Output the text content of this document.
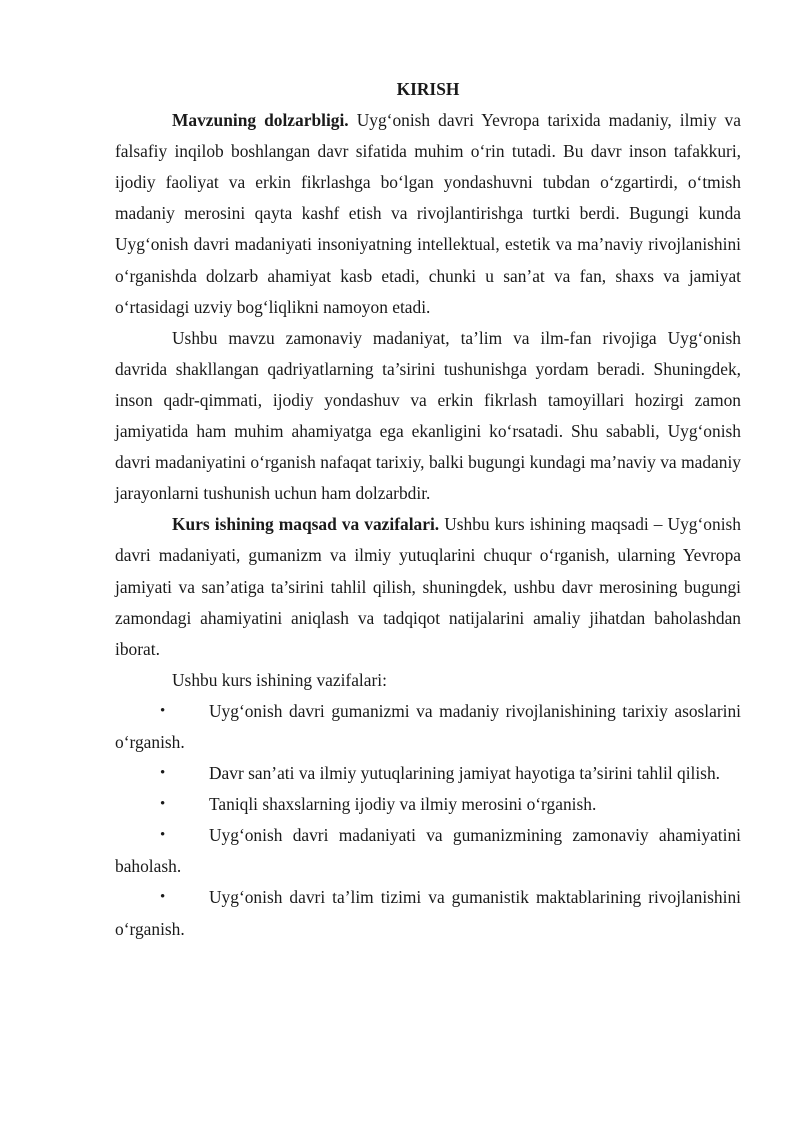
KIRISH

Mavzuning dolzarbligi. Uyg‘onish davri Yevropa tarixida madaniy, ilmiy va falsafiy inqilob boshlangan davr sifatida muhim o‘rin tutadi. Bu davr inson tafakkuri, ijodiy faoliyat va erkin fikrlashga bo‘lgan yondashuvni tubdan o‘zgartirdi, o‘tmish madaniy merosini qayta kashf etish va rivojlantirishga turtki berdi. Bugungi kunda Uyg‘onish davri madaniyati insoniyatning intellektual, estetik va ma’naviy rivojlanishini o‘rganishda dolzarb ahamiyat kasb etadi, chunki u san’at va fan, shaxs va jamiyat o‘rtasidagi uzviy bog‘liqlikni namoyon etadi.

Ushbu mavzu zamonaviy madaniyat, ta’lim va ilm-fan rivojiga Uyg‘onish davrida shakllangan qadriyatlarning ta’sirini tushunishga yordam beradi. Shuningdek, inson qadr-qimmati, ijodiy yondashuv va erkin fikrlash tamoyillari hozirgi zamon jamiyatida ham muhim ahamiyatga ega ekanligini ko‘rsatadi. Shu sababli, Uyg‘onish davri madaniyatini o‘rganish nafaqat tarixiy, balki bugungi kundagi ma’naviy va madaniy jarayonlarni tushunish uchun ham dolzarbdir.

Kurs ishining maqsad va vazifalari. Ushbu kurs ishining maqsadi – Uyg‘onish davri madaniyati, gumanizm va ilmiy yutuqlarini chuqur o‘rganish, ularning Yevropa jamiyati va san’atiga ta’sirini tahlil qilish, shuningdek, ushbu davr merosining bugungi zamondagi ahamiyatini aniqlash va tadqiqot natijalarini amaliy jihatdan baholashdan iborat.

Ushbu kurs ishining vazifalari:

•	Uyg‘onish davri gumanizmi va madaniy rivojlanishining tarixiy asoslarini o‘rganish.

•	Davr san’ati va ilmiy yutuqlarining jamiyat hayotiga ta’sirini tahlil qilish.

•	Taniqli shaxslarning ijodiy va ilmiy merosini o‘rganish.

•	Uyg‘onish davri madaniyati va gumanizmining zamonaviy ahamiyatini baholash.

•	Uyg‘onish davri ta’lim tizimi va gumanistik maktablarining rivojlanishini o‘rganish.
